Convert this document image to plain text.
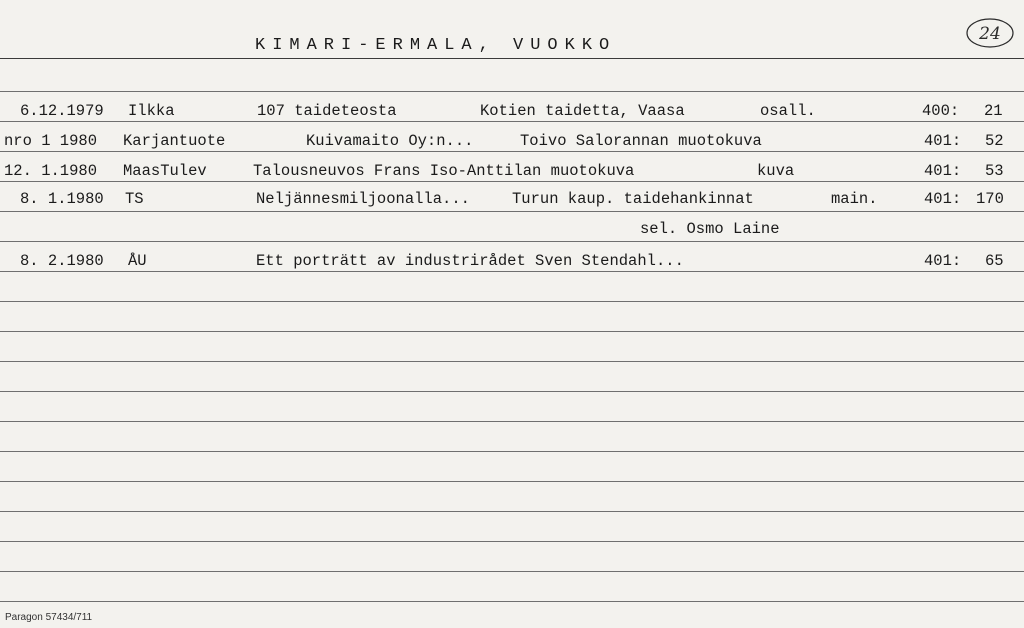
KIMARI-ERMALA, VUOKKO
24
6.12.1979 Ilkka	107 taideteosta	Kotien taidetta, Vaasa	osall.	400: 21
nro 1 1980 Karjantuote	Kuivamaito Oy:n...	Toivo Salorannan muotokuva	401: 52
12. 1.1980 MaasTulev	Talousneuvos Frans Iso-Anttilan muotokuva	kuva	401: 53
8. 1.1980 TS	Neljännesmiljoonalla...	Turun kaup. taidehankinnat	main.	401: 170
sel. Osmo Laine
8. 2.1980 ÅU	Ett porträtt av industrirådet Sven Stendahl...	401: 65
Paragon 57434/711
